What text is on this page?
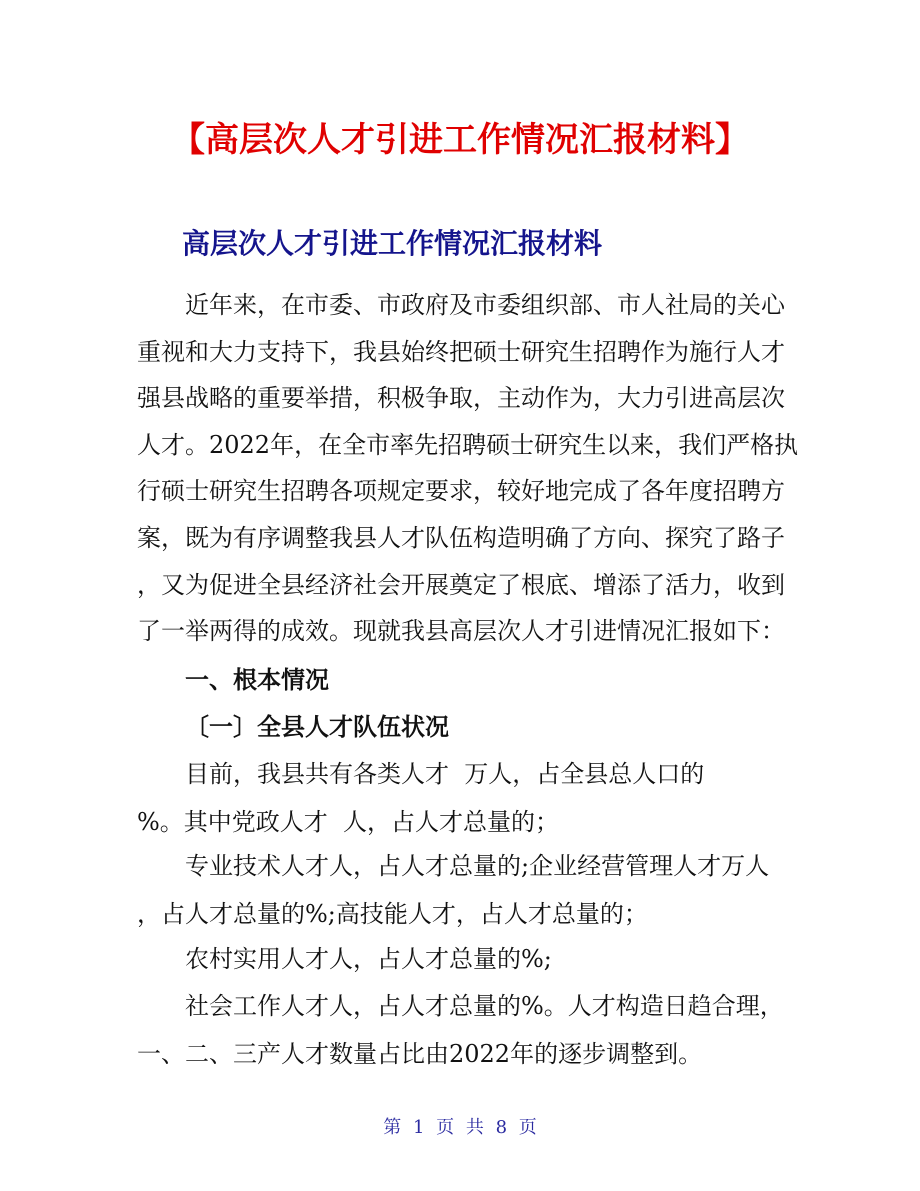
【高层次人才引进工作情况汇报材料】
高层次人才引进工作情况汇报材料
近年来，在市委、市政府及市委组织部、市人社局的关心
重视和大力支持下，我县始终把硕士研究生招聘作为施行人才
强县战略的重要举措，积极争取，主动作为，大力引进高层次
人才。2022年，在全市率先招聘硕士研究生以来，我们严格执
行硕士研究生招聘各项规定要求，较好地完成了各年度招聘方
案，既为有序调整我县人才队伍构造明确了方向、探究了路子
，又为促进全县经济社会开展奠定了根底、增添了活力，收到
了一举两得的成效。现就我县高层次人才引进情况汇报如下：

一、根本情况

〔一〕全县人才队伍状况

目前，我县共有各类人才  万人，占全县总人口的
%。其中党政人才  人，占人才总量的；
专业技术人才人，占人才总量的;企业经营管理人才万人
，占人才总量的%;高技能人才，占人才总量的；
农村实用人才人，占人才总量的%;
社会工作人才人，占人才总量的%。人才构造日趋合理，
一、二、三产人才数量占比由2022年的逐步调整到。

第 1 页 共 8 页
